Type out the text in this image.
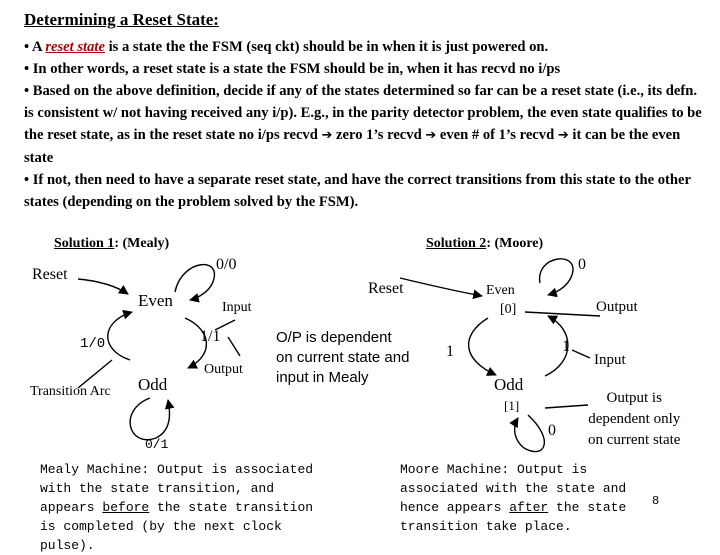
Determining a Reset State:

• A reset state is a state the the FSM (seq ckt) should be in when it is just powered on.

• In other words, a reset state is a state the FSM should be in, when it has recvd no i/ps

• Based on the above definition, decide if any of the states determined so far can be a reset state (i.e., its defn. is consistent w/ not having received any i/p). E.g., in the parity detector problem, the even state qualifies to be the reset state, as in the reset state no i/ps recvd ➔ zero 1’s recvd ➔ even # of 1’s recvd ➔ it can be the even state

• If not, then need to have a separate reset state, and have the correct transitions from this state to the other states (depending on the problem solved by the FSM).

Solution 1: (Mealy)
Reset
0/0
Even	Input
1/1
1/0
Output
Odd
Transition Arc
0/1
O/P is dependent
on current state and
input in Mealy
Mealy Machine: Output is associated with the state transition, and appears before the state transition is completed (by the next clock pulse).
Solution 2: (Moore)
0
Reset	Even
[0]	Output
1	1
Input
Odd
[1]
0
Output is
dependent only
on current state
Moore Machine: Output is associated with the state and hence appears after the state transition take place.
8
